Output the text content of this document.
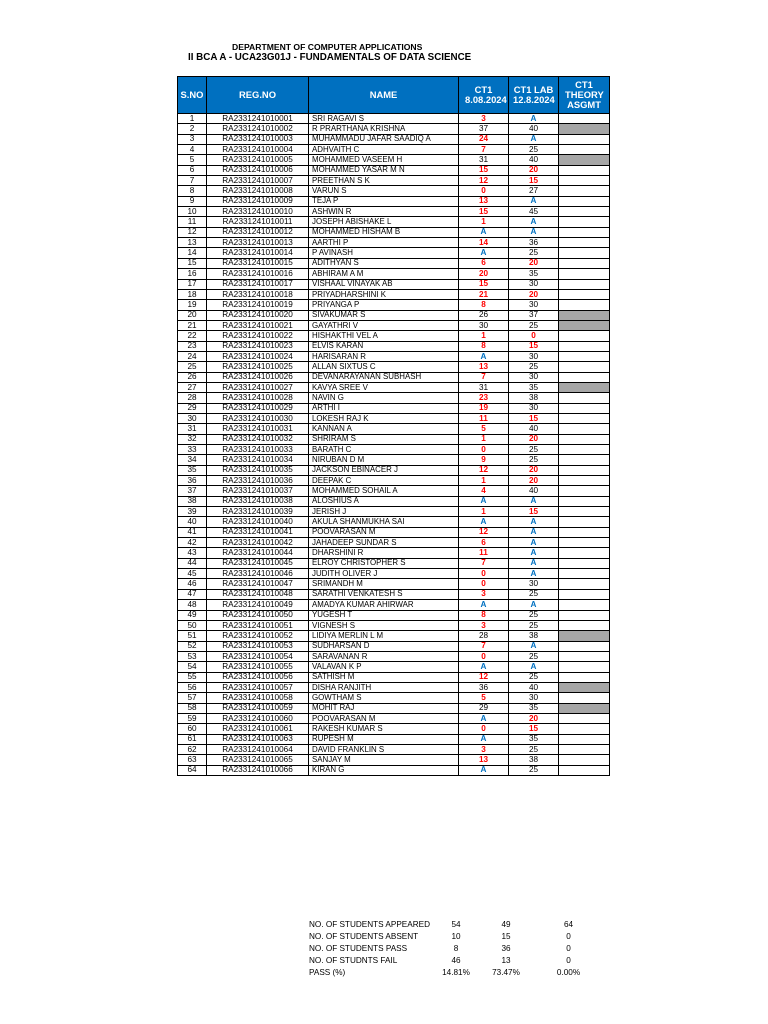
DEPARTMENT OF COMPUTER APPLICATIONS
II BCA A - UCA23G01J - FUNDAMENTALS OF DATA SCIENCE
S.NO	REG.NO	NAME	CT1 8.08.2024	CT1 LAB 12.8.2024	CT1 THEORY ASGMT
1	RA2331241010001	SRI RAGAVI S	3	A	
2	RA2331241010002	R PRARTHANA KRISHNA	37	40	
3	RA2331241010003	MUHAMMADU JAFAR SAADIQ A	24	A	
4	RA2331241010004	ADHVAITH C	7	25	
5	RA2331241010005	MOHAMMED VASEEM H	31	40	
6	RA2331241010006	MOHAMMED YASAR M N	15	20	
7	RA2331241010007	PREETHAN S K	12	15	
8	RA2331241010008	VARUN S	0	27	
9	RA2331241010009	TEJA P	13	A	
10	RA2331241010010	ASHWIN R	15	45	
11	RA2331241010011	JOSEPH ABISHAKE L	1	A	
12	RA2331241010012	MOHAMMED HISHAM B	A	A	
13	RA2331241010013	AARTHI P	14	36	
14	RA2331241010014	P AVINASH	A	25	
15	RA2331241010015	ADITHYAN S	6	20	
16	RA2331241010016	ABHIRAM A M	20	35	
17	RA2331241010017	VISHAAL VINAYAK AB	15	30	
18	RA2331241010018	PRIYADHARSHINI K	21	20	
19	RA2331241010019	PRIYANGA P	8	30	
20	RA2331241010020	SIVAKUMAR S	26	37	
21	RA2331241010021	GAYATHRI V	30	25	
22	RA2331241010022	HISHAKTHI VEL A	1	0	
23	RA2331241010023	ELVIS KARAN	8	15	
24	RA2331241010024	HARISARAN R	A	30	
25	RA2331241010025	ALLAN SIXTUS C	13	25	
26	RA2331241010026	DEVANARAYANAN SUBHASH	7	30	
27	RA2331241010027	KAVYA SREE V	31	35	
28	RA2331241010028	NAVIN G	23	38	
29	RA2331241010029	ARTHI I	19	30	
30	RA2331241010030	LOKESH RAJ K	11	15	
31	RA2331241010031	KANNAN A	5	40	
32	RA2331241010032	SHRIRAM S	1	20	
33	RA2331241010033	BARATH C	0	25	
34	RA2331241010034	NIRUBAN D M	9	25	
35	RA2331241010035	JACKSON EBINACER J	12	20	
36	RA2331241010036	DEEPAK C	1	20	
37	RA2331241010037	MOHAMMED SOHAIL A	4	40	
38	RA2331241010038	ALOSHIUS A	A	A	
39	RA2331241010039	JERISH J	1	15	
40	RA2331241010040	AKULA SHANMUKHA SAI	A	A	
41	RA2331241010041	POOVARASAN M	12	A	
42	RA2331241010042	JAHADEEP SUNDAR S	6	A	
43	RA2331241010044	DHARSHINI R	11	A	
44	RA2331241010045	ELROY CHRISTOPHER S	7	A	
45	RA2331241010046	JUDITH OLIVER J	0	A	
46	RA2331241010047	SRIMANDH M	0	30	
47	RA2331241010048	SARATHI VENKATESH S	3	25	
48	RA2331241010049	AMADYA KUMAR AHIRWAR	A	A	
49	RA2331241010050	YUGESH T	8	25	
50	RA2331241010051	VIGNESH S	3	25	
51	RA2331241010052	LIDIYA MERLIN L M	28	38	
52	RA2331241010053	SUDHARSAN D	7	A	
53	RA2331241010054	SARAVANAN R	0	25	
54	RA2331241010055	VALAVAN K P	A	A	
55	RA2331241010056	SATHISH M	12	25	
56	RA2331241010057	DISHA RANJITH	36	40	
57	RA2331241010058	GOWTHAM S	5	30	
58	RA2331241010059	MOHIT RAJ	29	35	
59	RA2331241010060	POOVARASAN M	A	20	
60	RA2331241010061	RAKESH KUMAR S	0	15	
61	RA2331241010063	RUPESH M	A	35	
62	RA2331241010064	DAVID FRANKLIN S	3	25	
63	RA2331241010065	SANJAY M	13	38	
64	RA2331241010066	KIRAN G	A	25	
NO. OF STUDENTS APPEARED	54	49	64
NO. OF STUDENTS ABSENT	10	15	0
NO. OF STUDENTS PASS	8	36	0
NO. OF STUDNTS FAIL	46	13	0
PASS (%)	14.81%	73.47%	0.00%
